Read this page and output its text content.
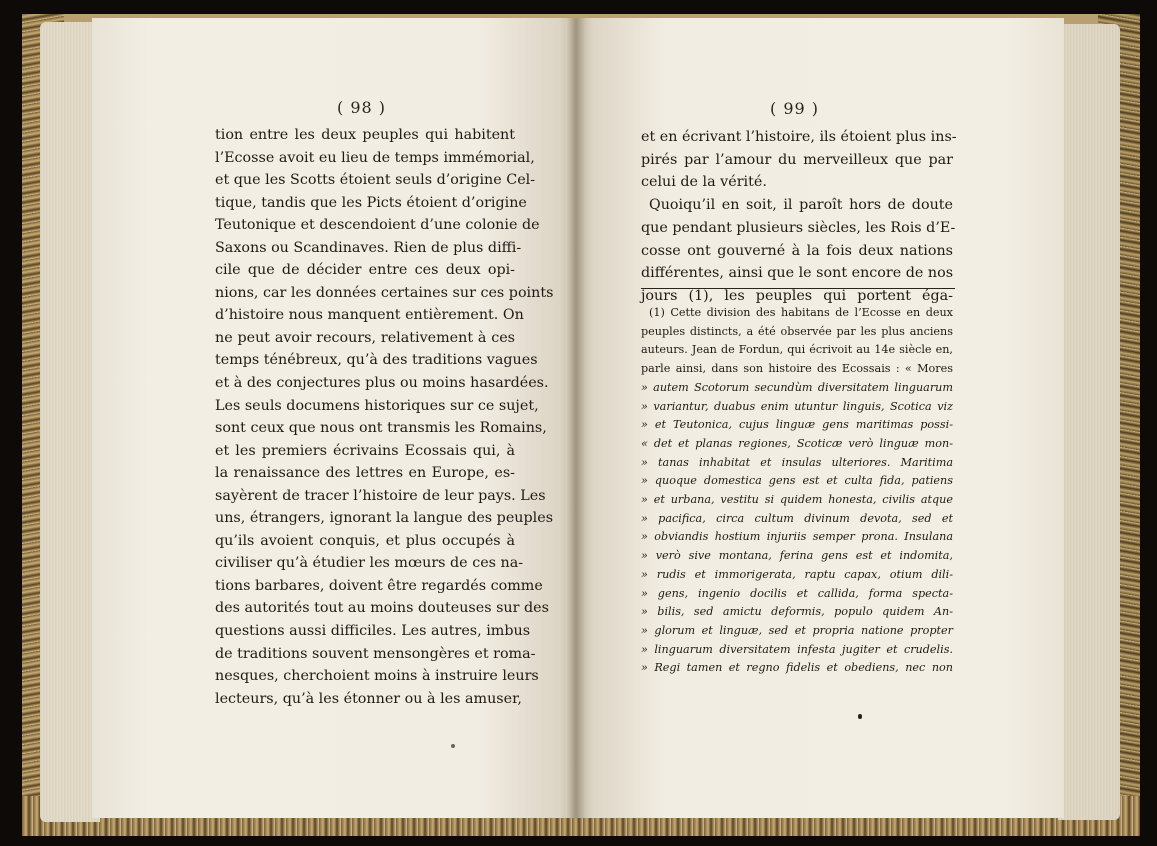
( 98 )	( 99 )
tion entre les deux peuples qui habitent
l’Ecosse avoit eu lieu de temps immémorial,
et que les Scotts étoient seuls d’origine Cel-
tique, tandis que les Picts étoient d’origine
Teutonique et descendoient d’une colonie de
Saxons ou Scandinaves. Rien de plus diffi-
cile que de décider entre ces deux opi-
nions, car les données certaines sur ces points
d’histoire nous manquent entièrement. On
ne peut avoir recours, relativement à ces
temps ténébreux, qu’à des traditions vagues
et à des conjectures plus ou moins hasardées.
Les seuls documens historiques sur ce sujet,
sont ceux que nous ont transmis les Romains,
et les premiers écrivains Ecossais qui, à
la renaissance des lettres en Europe, es-
sayèrent de tracer l’histoire de leur pays. Les
uns, étrangers, ignorant la langue des peuples
qu’ils avoient conquis, et plus occupés à
civiliser qu’à étudier les mœurs de ces na-
tions barbares, doivent être regardés comme
des autorités tout au moins douteuses sur des
questions aussi difficiles. Les autres, imbus
de traditions souvent mensongères et roma-
nesques, cherchoient moins à instruire leurs
lecteurs, qu’à les étonner ou à les amuser,
et en écrivant l’histoire, ils étoient plus ins-
pirés par l’amour du merveilleux que par
celui de la vérité.
Quoiqu’il en soit, il paroît hors de doute
que pendant plusieurs siècles, les Rois d’E-
cosse ont gouverné à la fois deux nations
différentes, ainsi que le sont encore de nos
jours (1), les peuples qui portent éga-
(1) Cette division des habitans de l’Ecosse en deux
peuples distincts, a été observée par les plus anciens
auteurs. Jean de Fordun, qui écrivoit au 14e siècle en,
parle ainsi, dans son histoire des Ecossais : « Mores
» autem Scotorum secundùm diversitatem linguarum
» variantur, duabus enim utuntur linguis, Scotica viz
» et Teutonica, cujus linguæ gens maritimas possi-
« det et planas regiones, Scoticæ verò linguæ mon-
» tanas inhabitat et insulas ulteriores. Maritima
» quoque domestica gens est et culta fida, patiens
» et urbana, vestitu si quidem honesta, civilis atque
» pacifica, circa cultum divinum devota, sed et
» obviandis hostium injuriis semper prona. Insulana
» verò sive montana, ferina gens est et indomita,
» rudis et immorigerata, raptu capax, otium dili-
» gens, ingenio docilis et callida, forma specta-
» bilis, sed amictu deformis, populo quidem An-
» glorum et linguæ, sed et propria natione propter
» linguarum diversitatem infesta jugiter et crudelis.
» Regi tamen et regno fidelis et obediens, nec non
